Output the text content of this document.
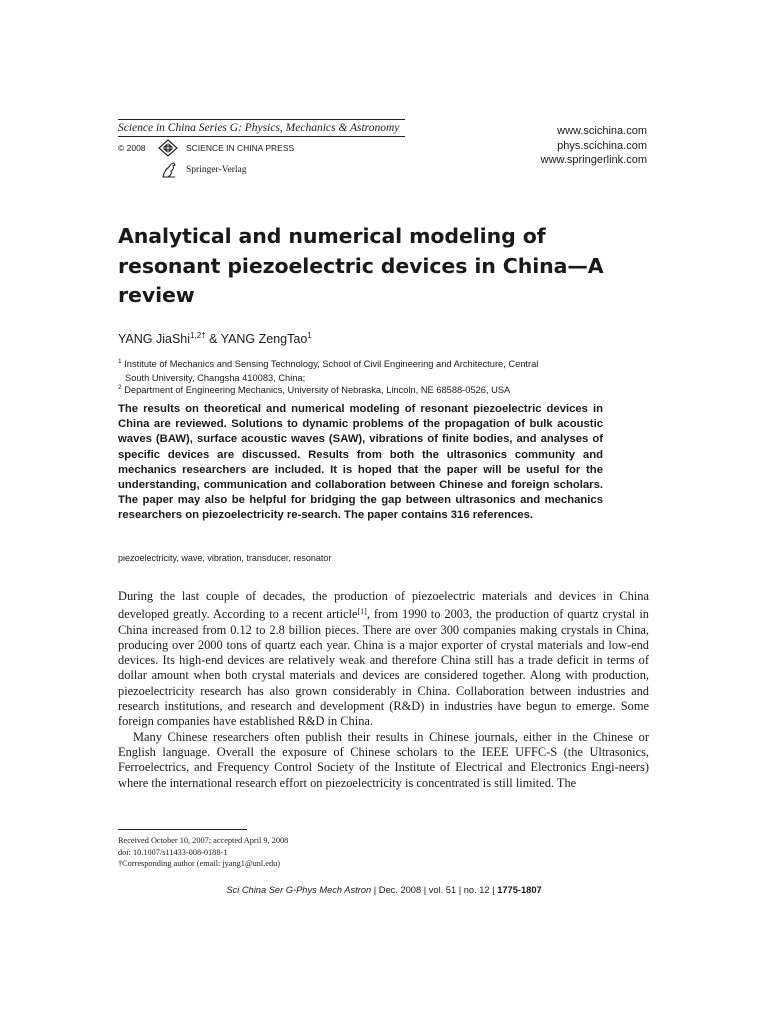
Science in China Series G: Physics, Mechanics & Astronomy
© 2008	SCIENCE IN CHINA PRESS
Springer-Verlag
www.scichina.com
phys.scichina.com
www.springerlink.com
Analytical and numerical modeling of resonant piezoelectric devices in China—A review
YANG JiaShi$^{1,2\dagger}$ & YANG ZengTao$^1$
$^1$ Institute of Mechanics and Sensing Technology, School of Civil Engineering and Architecture, Central
South University, Changsha 410083, China;
$^2$ Department of Engineering Mechanics, University of Nebraska, Lincoln, NE 68588-0526, USA
The results on theoretical and numerical modeling of resonant piezoelectric devices in China are reviewed. Solutions to dynamic problems of the propagation of bulk acoustic waves (BAW), surface acoustic waves (SAW), vibrations of finite bodies, and analyses of specific devices are discussed. Results from both the ultrasonics community and mechanics researchers are included. It is hoped that the paper will be useful for the understanding, communication and collaboration between Chinese and foreign scholars. The paper may also be helpful for bridging the gap between ultrasonics and mechanics researchers on piezoelectricity re-search. The paper contains 316 references.
piezoelectricity, wave, vibration, transducer, resonator

During the last couple of decades, the production of piezoelectric materials and devices in China developed greatly. According to a recent article[1], from 1990 to 2003, the production of quartz crystal in China increased from 0.12 to 2.8 billion pieces. There are over 300 companies making crystals in China, producing over 2000 tons of quartz each year. China is a major exporter of crystal materials and low-end devices. Its high-end devices are relatively weak and therefore China still has a trade deficit in terms of dollar amount when both crystal materials and devices are considered together. Along with production, piezoelectricity research has also grown considerably in China. Collaboration between industries and research institutions, and research and development (R&D) in industries have begun to emerge. Some foreign companies have established R&D in China.

Many Chinese researchers often publish their results in Chinese journals, either in the Chinese or English language. Overall the exposure of Chinese scholars to the IEEE UFFC-S (the Ultrasonics, Ferroelectrics, and Frequency Control Society of the Institute of Electrical and Electronics Engi-neers) where the international research effort on piezoelectricity is concentrated is still limited. The

Received October 10, 2007; accepted April 9, 2008
doi: 10.1007/s11433-008-0188-1
†Corresponding author (email: jyang1@unl.edu)
Sci China Ser G-Phys Mech Astron | Dec. 2008 | vol. 51 | no. 12 | 1775-1807
